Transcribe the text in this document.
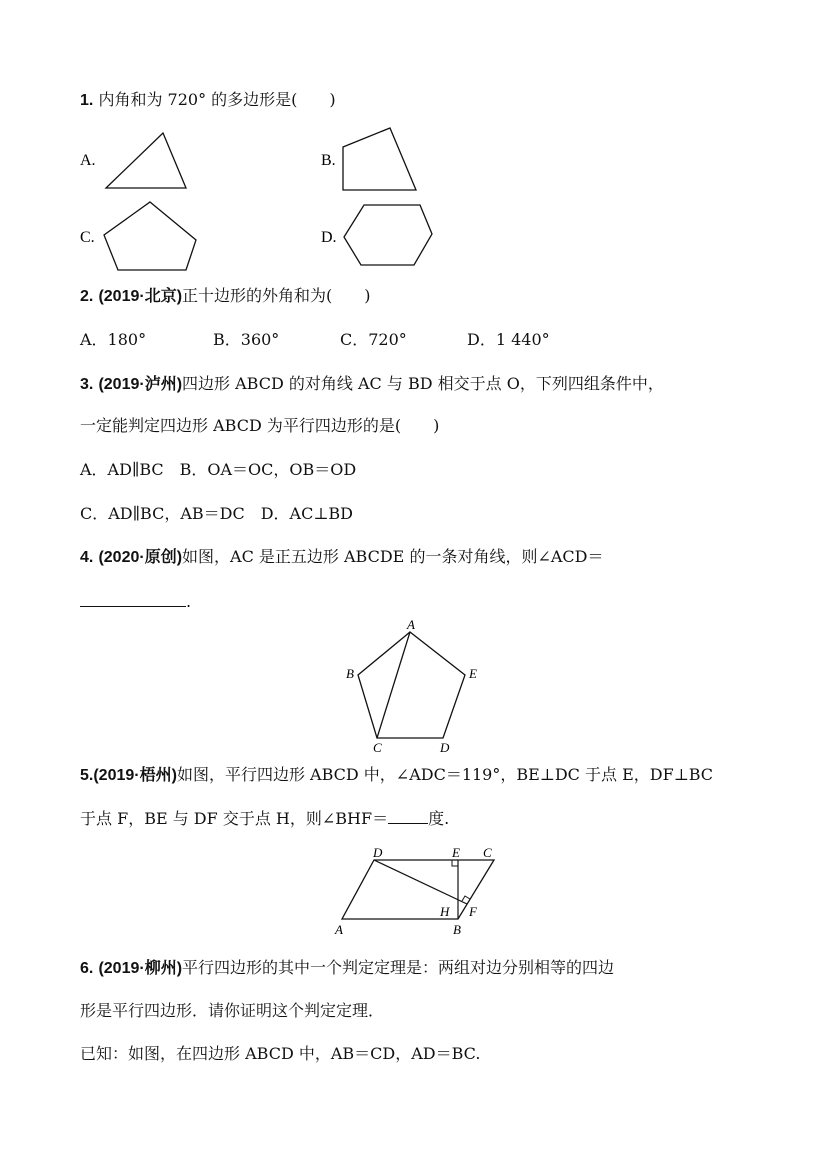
1. 内角和为 720° 的多边形是(　　)
A.	B.
C.	D.
2. (2019·北京)正十边形的外角和为(　　)
A．180°	B．360°	C．720°	D．1 440°
3. (2019·泸州)四边形 ABCD 的对角线 AC 与 BD 相交于点 O，下列四组条件中，
一定能判定四边形 ABCD 为平行四边形的是(　　)
A．AD∥BC　B．OA＝OC，OB＝OD
C．AD∥BC，AB＝DC　D．AC⊥BD
4. (2020·原创)如图，AC 是正五边形 ABCDE 的一条对角线，则∠ACD＝
.
A
B
C	D
E
5.(2019·梧州)如图，平行四边形 ABCD 中，∠ADC＝119°，BE⊥DC 于点 E，DF⊥BC
于点 F，BE 与 DF 交于点 H，则∠BHF＝	度.
A	B
C
D	E
F
H
6. (2019·柳州)平行四边形的其中一个判定定理是：两组对边分别相等的四边
形是平行四边形．请你证明这个判定定理．
已知：如图，在四边形 ABCD 中，AB＝CD，AD＝BC.
